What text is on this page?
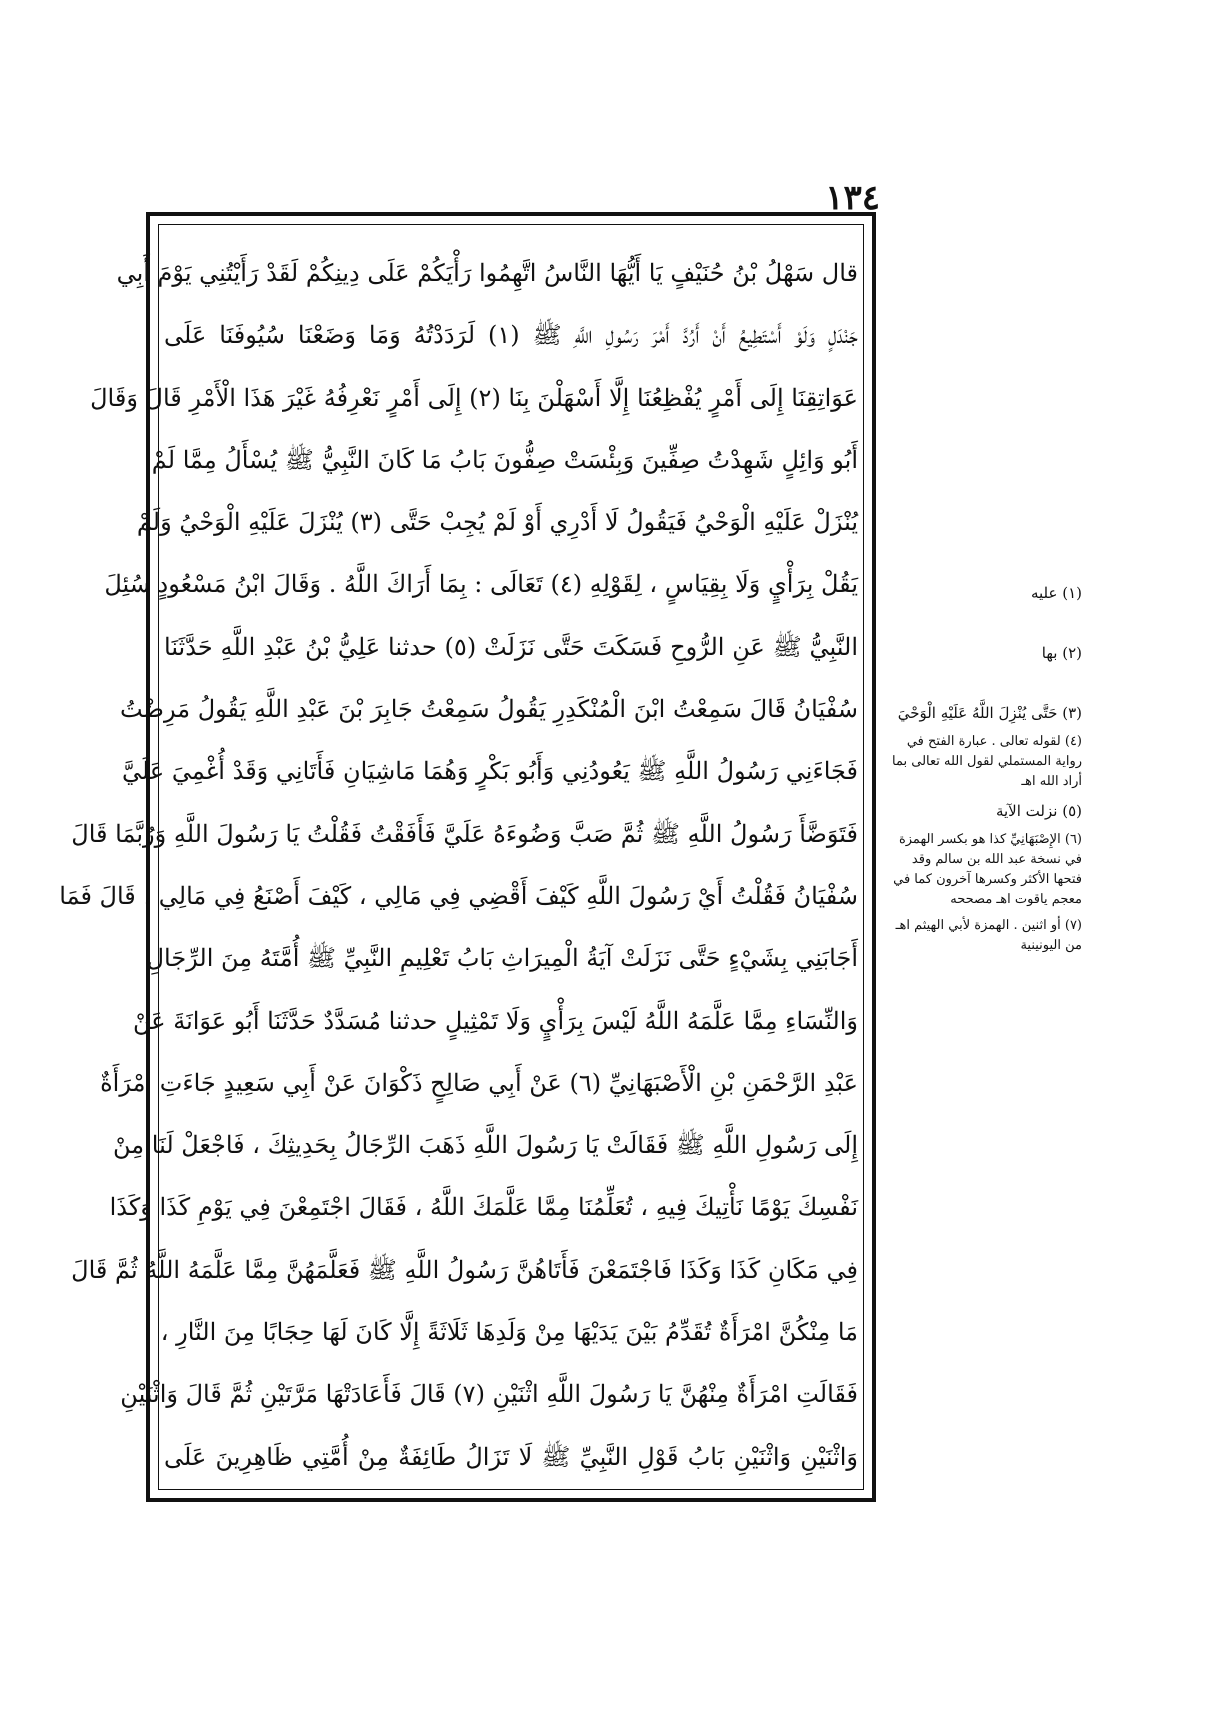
١٣٤
قال سَهْلُ بْنُ حُنَيْفٍ يَا أَيُّهَا النَّاسُ اتَّهِمُوا رَأْيَكُمْ عَلَى دِينِكُمْ لَقَدْ رَأَيْتُنِي يَوْمَ أَبِي
جَنْدَلٍ وَلَوْ أَسْتَطِيعُ أَنْ أَرُدَّ أَمْرَ رَسُولِ اللَّهِ ﷺ (١) لَرَدَدْتُهُ وَمَا وَضَعْنَا سُيُوفَنَا عَلَى
عَوَاتِقِنَا إِلَى أَمْرٍ يُفْظِعُنَا إِلَّا أَسْهَلْنَ بِنَا (٢) إِلَى أَمْرٍ نَعْرِفُهُ غَيْرَ هَذَا الْأَمْرِ قَالَ وَقَالَ
أَبُو وَائِلٍ شَهِدْتُ صِفِّينَ وَبِئْسَتْ صِفُّونَ بَابُ مَا كَانَ النَّبِيُّ ﷺ يُسْأَلُ مِمَّا لَمْ
يُنْزَلْ عَلَيْهِ الْوَحْيُ فَيَقُولُ لَا أَدْرِي أَوْ لَمْ يُجِبْ حَتَّى (٣) يُنْزَلَ عَلَيْهِ الْوَحْيُ وَلَمْ
يَقُلْ بِرَأْيٍ وَلَا بِقِيَاسٍ ، لِقَوْلِهِ (٤) تَعَالَى : بِمَا أَرَاكَ اللَّهُ . وَقَالَ ابْنُ مَسْعُودٍ سُئِلَ
النَّبِيُّ ﷺ عَنِ الرُّوحِ فَسَكَتَ حَتَّى نَزَلَتْ (٥) حدثنا عَلِيُّ بْنُ عَبْدِ اللَّهِ حَدَّثَنَا
سُفْيَانُ قَالَ سَمِعْتُ ابْنَ الْمُنْكَدِرِ يَقُولُ سَمِعْتُ جَابِرَ بْنَ عَبْدِ اللَّهِ يَقُولُ مَرِضْتُ
فَجَاءَنِي رَسُولُ اللَّهِ ﷺ يَعُودُنِي وَأَبُو بَكْرٍ وَهُمَا مَاشِيَانِ فَأَتَانِي وَقَدْ أُغْمِيَ عَلَيَّ
فَتَوَضَّأَ رَسُولُ اللَّهِ ﷺ ثُمَّ صَبَّ وَضُوءَهُ عَلَيَّ فَأَفَقْتُ فَقُلْتُ يَا رَسُولَ اللَّهِ وَرُبَّمَا قَالَ
سُفْيَانُ فَقُلْتُ أَيْ رَسُولَ اللَّهِ كَيْفَ أَقْضِي فِي مَالِي ، كَيْفَ أَصْنَعُ فِي مَالِي ، قَالَ فَمَا
أَجَابَنِي بِشَيْءٍ حَتَّى نَزَلَتْ آيَةُ الْمِيرَاثِ بَابُ تَعْلِيمِ النَّبِيِّ ﷺ أُمَّتَهُ مِنَ الرِّجَالِ
وَالنِّسَاءِ مِمَّا عَلَّمَهُ اللَّهُ لَيْسَ بِرَأْيٍ وَلَا تَمْثِيلٍ حدثنا مُسَدَّدٌ حَدَّثَنَا أَبُو عَوَانَةَ عَنْ
عَبْدِ الرَّحْمَنِ بْنِ الْأَصْبَهَانِيِّ (٦) عَنْ أَبِي صَالِحٍ ذَكْوَانَ عَنْ أَبِي سَعِيدٍ جَاءَتِ امْرَأَةٌ
إِلَى رَسُولِ اللَّهِ ﷺ فَقَالَتْ يَا رَسُولَ اللَّهِ ذَهَبَ الرِّجَالُ بِحَدِيثِكَ ، فَاجْعَلْ لَنَا مِنْ
نَفْسِكَ يَوْمًا نَأْتِيكَ فِيهِ ، تُعَلِّمُنَا مِمَّا عَلَّمَكَ اللَّهُ ، فَقَالَ اجْتَمِعْنَ فِي يَوْمِ كَذَا وَكَذَا
فِي مَكَانِ كَذَا وَكَذَا فَاجْتَمَعْنَ فَأَتَاهُنَّ رَسُولُ اللَّهِ ﷺ فَعَلَّمَهُنَّ مِمَّا عَلَّمَهُ اللَّهُ ثُمَّ قَالَ
مَا مِنْكُنَّ امْرَأَةٌ تُقَدِّمُ بَيْنَ يَدَيْهَا مِنْ وَلَدِهَا ثَلَاثَةً إِلَّا كَانَ لَهَا حِجَابًا مِنَ النَّارِ ،
فَقَالَتِ امْرَأَةٌ مِنْهُنَّ يَا رَسُولَ اللَّهِ اثْنَيْنِ (٧) قَالَ فَأَعَادَتْهَا مَرَّتَيْنِ ثُمَّ قَالَ وَاثْنَيْنِ
وَاثْنَيْنِ وَاثْنَيْنِ بَابُ قَوْلِ النَّبِيِّ ﷺ لَا تَزَالُ طَائِفَةٌ مِنْ أُمَّتِي ظَاهِرِينَ عَلَى
(١) عليه
(٢) بها
(٣) حَتَّى يُنْزِلَ اللَّهُ عَلَيْهِ الْوَحْيَ
(٤) لقوله تعالى . عبارة الفتح في رواية المستملي لقول الله تعالى بما أراد الله اهـ
(٥) نزلت الآية
(٦) الإِصْبَهَانِيِّ كذا هو بكسر الهمزة في نسخة عبد الله بن سالم وقد فتحها الأكثر وكسرها آخرون كما في معجم ياقوت اهـ مصححه
(٧) أو اثنين . الهمزة لأبي الهيثم اهـ من اليونينية
